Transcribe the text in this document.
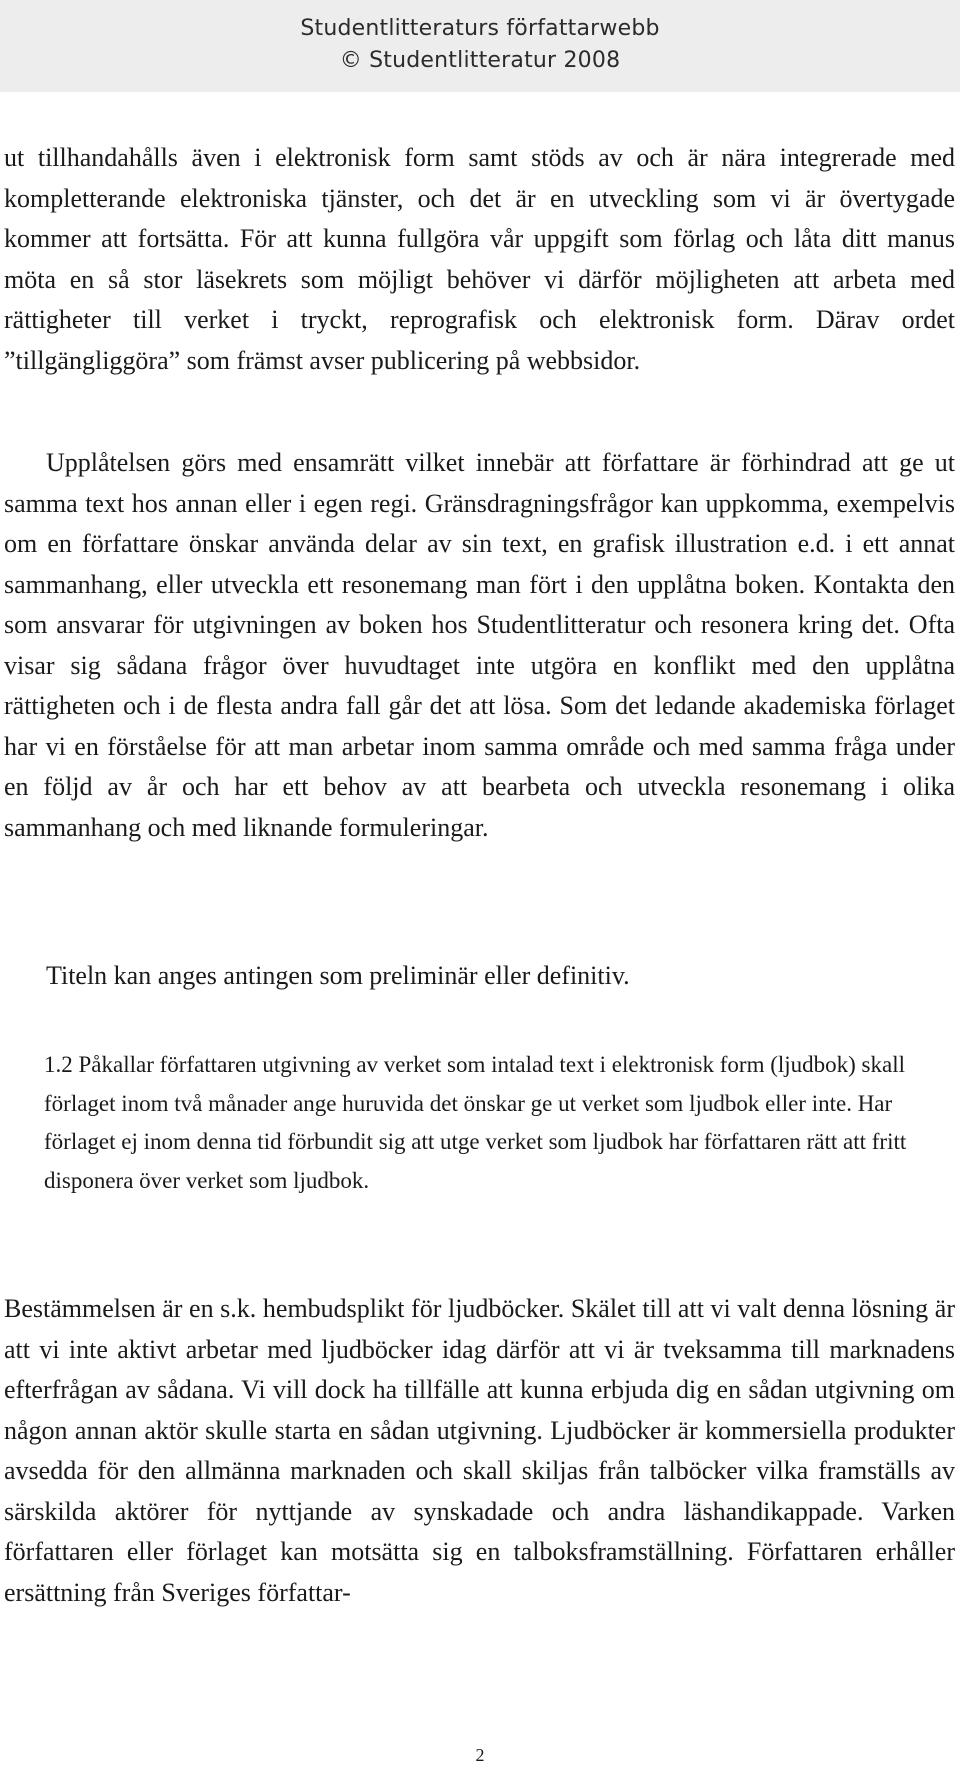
Studentlitteraturs författarwebb
© Studentlitteratur 2008

ut tillhandahålls även i elektronisk form samt stöds av och är nära integrerade med kompletterande elektroniska tjänster, och det är en utveckling som vi är övertygade kommer att fortsätta. För att kunna fullgöra vår uppgift som förlag och låta ditt manus möta en så stor läsekrets som möjligt behöver vi därför möjligheten att arbeta med rättigheter till verket i tryckt, reprografisk och elektronisk form. Därav ordet ”tillgängliggöra” som främst avser publicering på webbsidor.

Upplåtelsen görs med ensamrätt vilket innebär att författare är förhindrad att ge ut samma text hos annan eller i egen regi. Gränsdragningsfrågor kan uppkomma, exempelvis om en författare önskar använda delar av sin text, en grafisk illustration e.d. i ett annat sammanhang, eller utveckla ett resonemang man fört i den upplåtna boken. Kontakta den som ansvarar för utgivningen av boken hos Studentlitteratur och resonera kring det. Ofta visar sig sådana frågor över huvudtaget inte utgöra en konflikt med den upplåtna rättigheten och i de flesta andra fall går det att lösa. Som det ledande akademiska förlaget har vi en förståelse för att man arbetar inom samma område och med samma fråga under en följd av år och har ett behov av att bearbeta och utveckla resonemang i olika sammanhang och med liknande formuleringar.

Titeln kan anges antingen som preliminär eller definitiv.

1.2 Påkallar författaren utgivning av verket som intalad text i elektronisk form (ljudbok) skall förlaget inom två månader ange huruvida det önskar ge ut verket som ljudbok eller inte. Har förlaget ej inom denna tid förbundit sig att utge verket som ljudbok har författaren rätt att fritt disponera över verket som ljudbok.

Bestämmelsen är en s.k. hembudsplikt för ljudböcker. Skälet till att vi valt denna lösning är att vi inte aktivt arbetar med ljudböcker idag därför att vi är tveksamma till marknadens efterfrågan av sådana. Vi vill dock ha tillfälle att kunna erbjuda dig en sådan utgivning om någon annan aktör skulle starta en sådan utgivning. Ljudböcker är kommersiella produkter avsedda för den allmänna marknaden och skall skiljas från talböcker vilka framställs av särskilda aktörer för nyttjande av synskadade och andra läshandikappade. Varken författaren eller förlaget kan motsätta sig en talboksframställning. Författaren erhåller ersättning från Sveriges författar-

2
